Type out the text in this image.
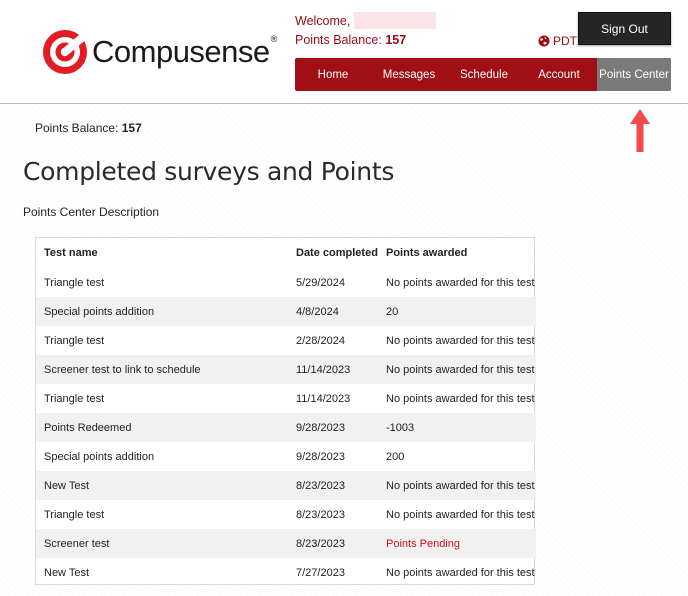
Compusense®
Welcome,
Points Balance: 157	PDT
Sign Out
Home	Messages	Schedule	Account	Points Center
Points Balance: 157
Completed surveys and Points
Points Center Description
Test name	Date completed	Points awarded
Triangle test	5/29/2024	No points awarded for this test
Special points addition	4/8/2024	20
Triangle test	2/28/2024	No points awarded for this test
Screener test to link to schedule	11/14/2023	No points awarded for this test
Triangle test	11/14/2023	No points awarded for this test
Points Redeemed	9/28/2023	-1003
Special points addition	9/28/2023	200
New Test	8/23/2023	No points awarded for this test
Triangle test	8/23/2023	No points awarded for this test
Screener test	8/23/2023	Points Pending
New Test	7/27/2023	No points awarded for this test
